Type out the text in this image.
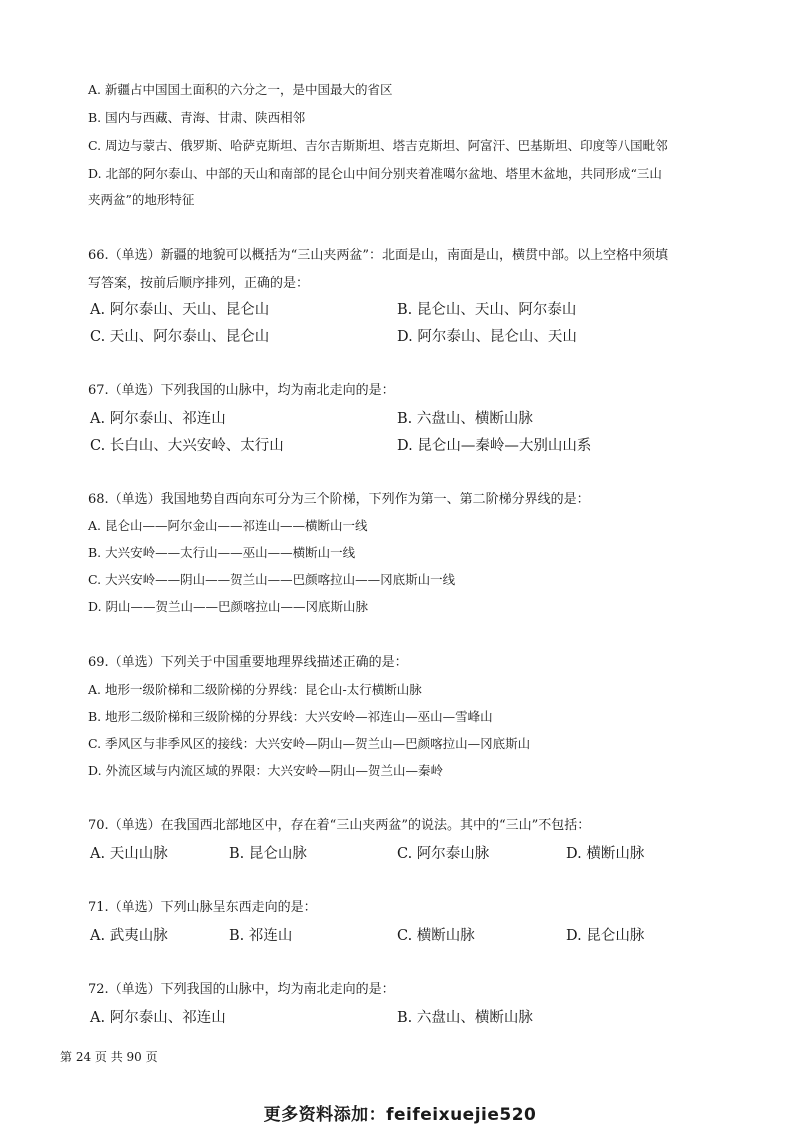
A. 新疆占中国国土面积的六分之一，是中国最大的省区
B. 国内与西藏、青海、甘肃、陕西相邻
C. 周边与蒙古、俄罗斯、哈萨克斯坦、吉尔吉斯斯坦、塔吉克斯坦、阿富汗、巴基斯坦、印度等八国毗邻
D. 北部的阿尔泰山、中部的天山和南部的昆仑山中间分别夹着准噶尔盆地、塔里木盆地，共同形成“三山
夹两盆”的地形特征
66.（单选）新疆的地貌可以概括为“三山夹两盆”：北面是山，南面是山，横贯中部。以上空格中须填
写答案，按前后顺序排列，正确的是：
A. 阿尔泰山、天山、昆仑山	B. 昆仑山、天山、阿尔泰山
C. 天山、阿尔泰山、昆仑山	D. 阿尔泰山、昆仑山、天山
67.（单选）下列我国的山脉中，均为南北走向的是：
A. 阿尔泰山、祁连山	B. 六盘山、横断山脉
C. 长白山、大兴安岭、太行山	D. 昆仑山—秦岭—大别山山系
68.（单选）我国地势自西向东可分为三个阶梯，下列作为第一、第二阶梯分界线的是：
A. 昆仑山——阿尔金山——祁连山——横断山一线
B. 大兴安岭——太行山——巫山——横断山一线
C. 大兴安岭——阴山——贺兰山——巴颜喀拉山——冈底斯山一线
D. 阴山——贺兰山——巴颜喀拉山——冈底斯山脉
69.（单选）下列关于中国重要地理界线描述正确的是：
A. 地形一级阶梯和二级阶梯的分界线：昆仑山-太行横断山脉
B. 地形二级阶梯和三级阶梯的分界线：大兴安岭—祁连山—巫山—雪峰山
C. 季风区与非季风区的接线：大兴安岭—阴山—贺兰山—巴颜喀拉山—冈底斯山
D. 外流区域与内流区域的界限：大兴安岭—阴山—贺兰山—秦岭
70.（单选）在我国西北部地区中，存在着“三山夹两盆”的说法。其中的“三山”不包括：
A. 天山山脉	B. 昆仑山脉	C. 阿尔泰山脉	D. 横断山脉
71.（单选）下列山脉呈东西走向的是：
A. 武夷山脉	B. 祁连山	C. 横断山脉	D. 昆仑山脉
72.（单选）下列我国的山脉中，均为南北走向的是：
A. 阿尔泰山、祁连山	B. 六盘山、横断山脉
第 24 页 共 90 页
更多资料添加：feifeixuejie520
